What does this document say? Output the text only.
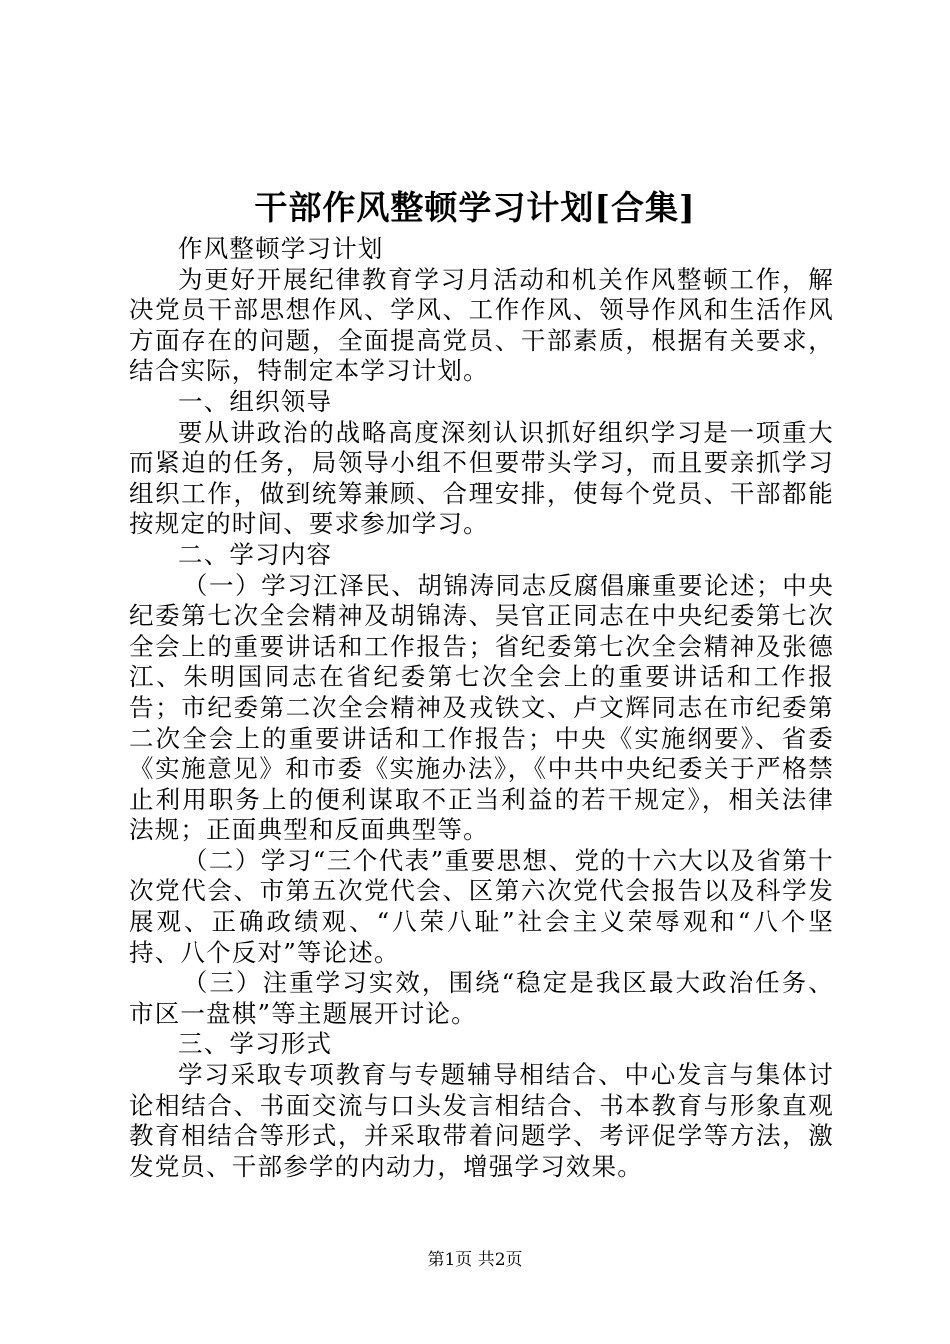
干部作风整顿学习计划[合集]

作风整顿学习计划

为更好开展纪律教育学习月活动和机关作风整顿工作，解决党员干部思想作风、学风、工作作风、领导作风和生活作风方面存在的问题，全面提高党员、干部素质，根据有关要求，结合实际，特制定本学习计划。

一、组织领导

要从讲政治的战略高度深刻认识抓好组织学习是一项重大而紧迫的任务，局领导小组不但要带头学习，而且要亲抓学习组织工作，做到统筹兼顾、合理安排，使每个党员、干部都能按规定的时间、要求参加学习。

二、学习内容

（一）学习江泽民、胡锦涛同志反腐倡廉重要论述；中央纪委第七次全会精神及胡锦涛、吴官正同志在中央纪委第七次全会上的重要讲话和工作报告；省纪委第七次全会精神及张德江、朱明国同志在省纪委第七次全会上的重要讲话和工作报告；市纪委第二次全会精神及戎铁文、卢文辉同志在市纪委第二次全会上的重要讲话和工作报告；中央《实施纲要》、省委《实施意见》和市委《实施办法》，《中共中央纪委关于严格禁止利用职务上的便利谋取不正当利益的若干规定》，相关法律法规；正面典型和反面典型等。

（二）学习“三个代表”重要思想、党的十六大以及省第十次党代会、市第五次党代会、区第六次党代会报告以及科学发展观、正确政绩观、“八荣八耻”社会主义荣辱观和“八个坚持、八个反对”等论述。

（三）注重学习实效，围绕“稳定是我区最大政治任务、市区一盘棋”等主题展开讨论。

三、学习形式

学习采取专项教育与专题辅导相结合、中心发言与集体讨论相结合、书面交流与口头发言相结合、书本教育与形象直观教育相结合等形式，并采取带着问题学、考评促学等方法，激发党员、干部参学的内动力，增强学习效果。

第1页 共2页
